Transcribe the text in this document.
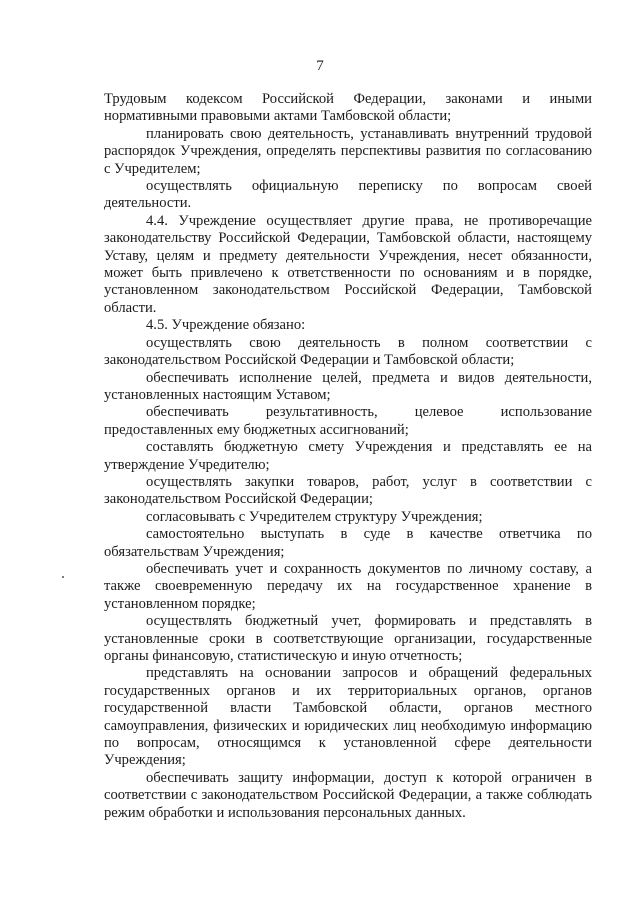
7

Трудовым кодексом Российской Федерации, законами и иными нормативными правовыми актами Тамбовской области;

планировать свою деятельность, устанавливать внутренний трудовой распорядок Учреждения, определять перспективы развития по согласованию с Учредителем;

осуществлять официальную переписку по вопросам своей деятельности.

4.4. Учреждение осуществляет другие права, не противоречащие законодательству Российской Федерации, Тамбовской области, настоящему Уставу, целям и предмету деятельности Учреждения, несет обязанности, может быть привлечено к ответственности по основаниям и в порядке, установленном законодательством Российской Федерации, Тамбовской области.

4.5. Учреждение обязано:

осуществлять свою деятельность в полном соответствии с законодательством Российской Федерации и Тамбовской области;

обеспечивать исполнение целей, предмета и видов деятельности, установленных настоящим Уставом;

обеспечивать результативность, целевое использование предоставленных ему бюджетных ассигнований;

составлять бюджетную смету Учреждения и представлять ее на утверждение Учредителю;

осуществлять закупки товаров, работ, услуг в соответствии с законодательством Российской Федерации;

согласовывать с Учредителем структуру Учреждения;

самостоятельно выступать в суде в качестве ответчика по обязательствам Учреждения;

обеспечивать учет и сохранность документов по личному составу, а также своевременную передачу их на государственное хранение в установленном порядке;

осуществлять бюджетный учет, формировать и представлять в установленные сроки в соответствующие организации, государственные органы финансовую, статистическую и иную отчетность;

представлять на основании запросов и обращений федеральных государственных органов и их территориальных органов, органов государственной власти Тамбовской области, органов местного самоуправления, физических и юридических лиц необходимую информацию по вопросам, относящимся к установленной сфере деятельности Учреждения;

обеспечивать защиту информации, доступ к которой ограничен в соответствии с законодательством Российской Федерации, а также соблюдать режим обработки и использования персональных данных.
